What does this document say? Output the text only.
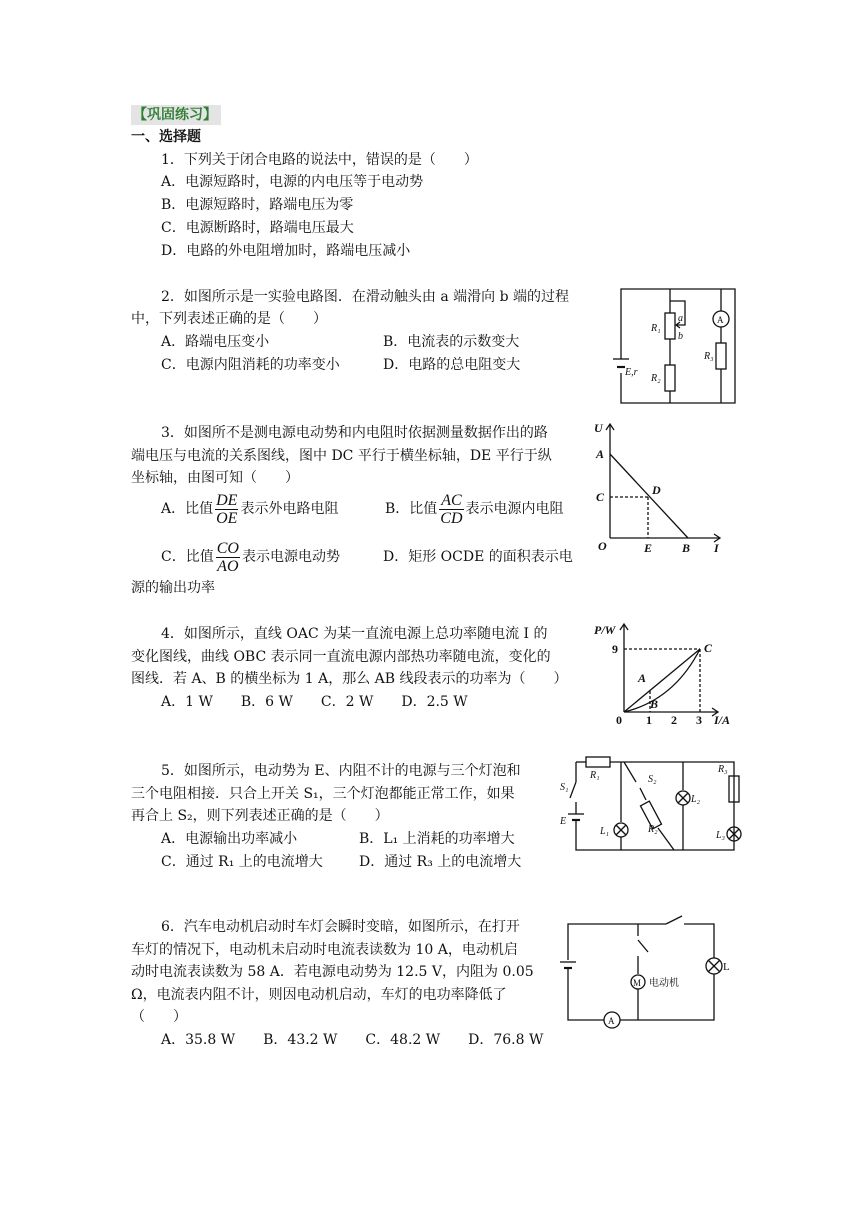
【巩固练习】
一、选择题
1．下列关于闭合电路的说法中，错误的是（　　）
A．电源短路时，电源的内电压等于电动势
B．电源短路时，路端电压为零
C．电源断路时，路端电压最大
D．电路的外电阻增加时，路端电压减小
2．如图所示是一实验电路图．在滑动触头由 a 端滑向 b 端的过程
中，下列表述正确的是（　　）
A．路端电压变小	B．电流表的示数变大
C．电源内阻消耗的功率变小	D．电路的总电阻变大
R₁
R₂
R₃
a
b
A
E,r
3．如图所不是测电源电动势和内电阻时依据测量数据作出的路
端电压与电流的关系图线，图中 DC 平行于横坐标轴，DE 平行于纵
坐标轴，由图可知（　　）
A．比值 $\frac{DE}{OE}$ 表示外电路电阻	B．比值 $\frac{AC}{CD}$ 表示电源内电阻
C．比值 $\frac{CO}{AO}$ 表示电源电动势	D．矩形 OCDE 的面积表示电
源的输出功率
U
I
A
C	D
E B
O
4．如图所示，直线 OAC 为某一直流电源上总功率随电流 I 的
变化图线，曲线 OBC 表示同一直流电源内部热功率随电流，变化的
图线．若 A、B 的横坐标为 1 A，那么 AB 线段表示的功率为（　　）
A．1 W　　B．6 W　　C．2 W　　D．2.5 W
P/W
I/A
C
A
B
9
0 1 2 3
5．如图所示，电动势为 E、内阻不计的电源与三个灯泡和
三个电阻相接．只合上开关 S₁，三个灯泡都能正常工作，如果
再合上 S₂，则下列表述正确的是（　　）
A．电源输出功率减小	B．L₁ 上消耗的功率增大
C．通过 R₁ 上的电流增大	D．通过 R₃ 上的电流增大
R₁	S₂
R₂
R₃
S₁
E
L₁
L₂
L₃
6．汽车电动机启动时车灯会瞬时变暗，如图所示，在打开
车灯的情况下，电动机未启动时电流表读数为 10 A，电动机启
动时电流表读数为 58 A．若电源电动势为 12.5 V，内阻为 0.05
Ω，电流表内阻不计，则因电动机启动，车灯的电功率降低了
（　　）
A．35.8 W　　B．43.2 W　　C．48.2 W　　D．76.8 W
M 电动机
L
A
